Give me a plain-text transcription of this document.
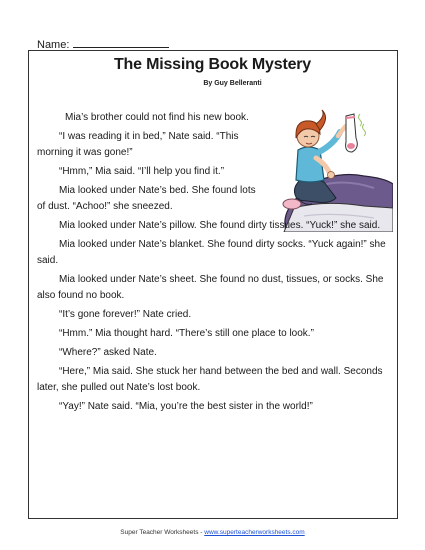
Name:
The Missing Book Mystery
By Guy Belleranti

Mia’s brother could not find his new book.

“I was reading it in bed,” Nate said. “This morning it was gone!”

“Hmm,” Mia said. “I’ll help you find it.”

Mia looked under Nate’s bed. She found lots of dust. “Achoo!” she sneezed.

Mia looked under Nate’s pillow. She found dirty tissues. “Yuck!” she said.

Mia looked under Nate’s blanket. She found dirty socks. “Yuck again!” she said.

Mia looked under Nate’s sheet. She found no dust, tissues, or socks. She also found no book.

“It’s gone forever!” Nate cried.

“Hmm.” Mia thought hard. “There’s still one place to look.”

“Where?” asked Nate.

“Here,” Mia said. She stuck her hand between the bed and wall. Seconds later, she pulled out Nate’s lost book.

“Yay!” Nate said. “Mia, you’re the best sister in the world!”

Super Teacher Worksheets - www.superteacherworksheets.com
